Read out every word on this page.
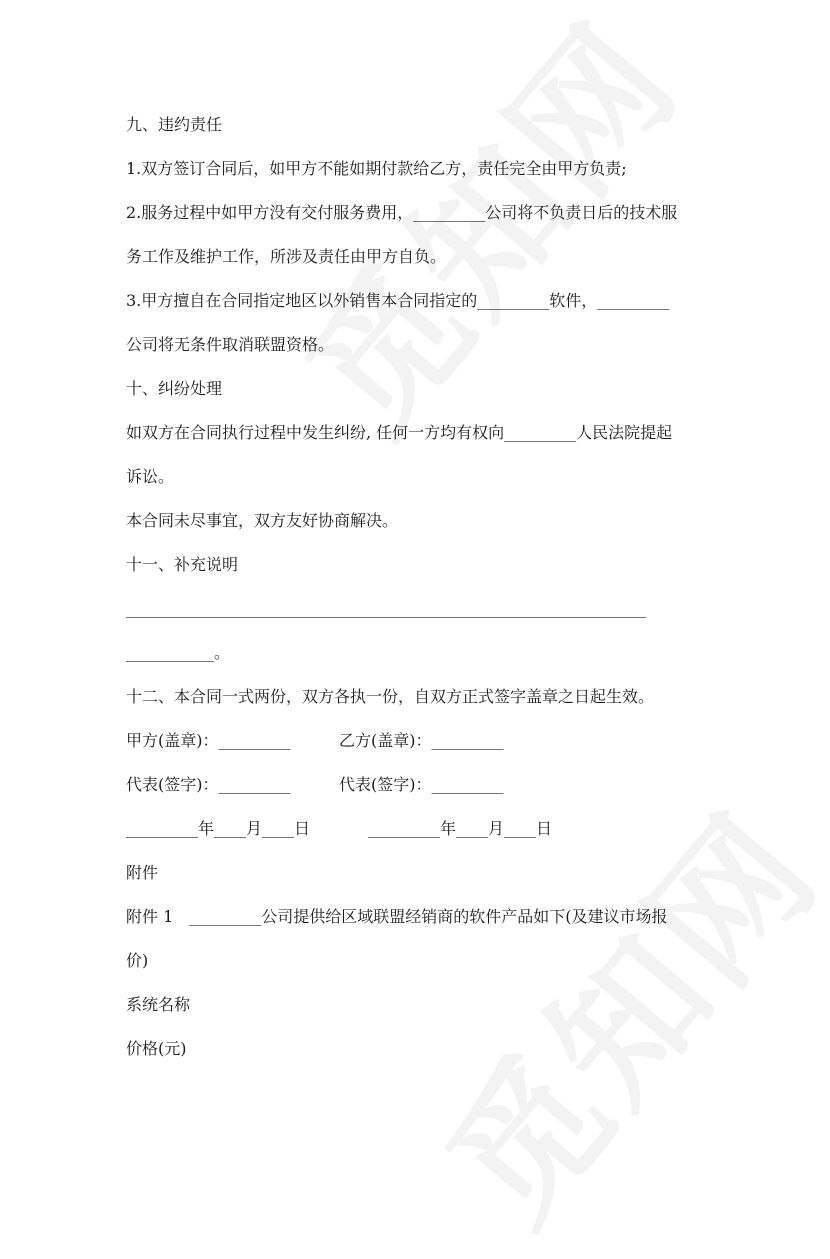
九、违约责任
1.双方签订合同后，如甲方不能如期付款给乙方，责任完全由甲方负责;
2.服务过程中如甲方没有交付服务费用，_________公司将不负责日后的技术服
务工作及维护工作，所涉及责任由甲方自负。
3.甲方擅自在合同指定地区以外销售本合同指定的_________软件，_________
公司将无条件取消联盟资格。
十、纠纷处理
如双方在合同执行过程中发生纠纷, 任何一方均有权向_________人民法院提起
诉讼。
本合同未尽事宜，双方友好协商解决。
十一、补充说明
_________________________________________________________________
___________。
十二、本合同一式两份，双方各执一份，自双方正式签字盖章之日起生效。
甲方(盖章)：_________	乙方(盖章)：_________
代表(签字)：_________	代表(签字)：_________
_________年____月____日	_________年____月____日
附件
附件 1　_________公司提供给区域联盟经销商的软件产品如下(及建议市场报
价)
系统名称
价格(元)
